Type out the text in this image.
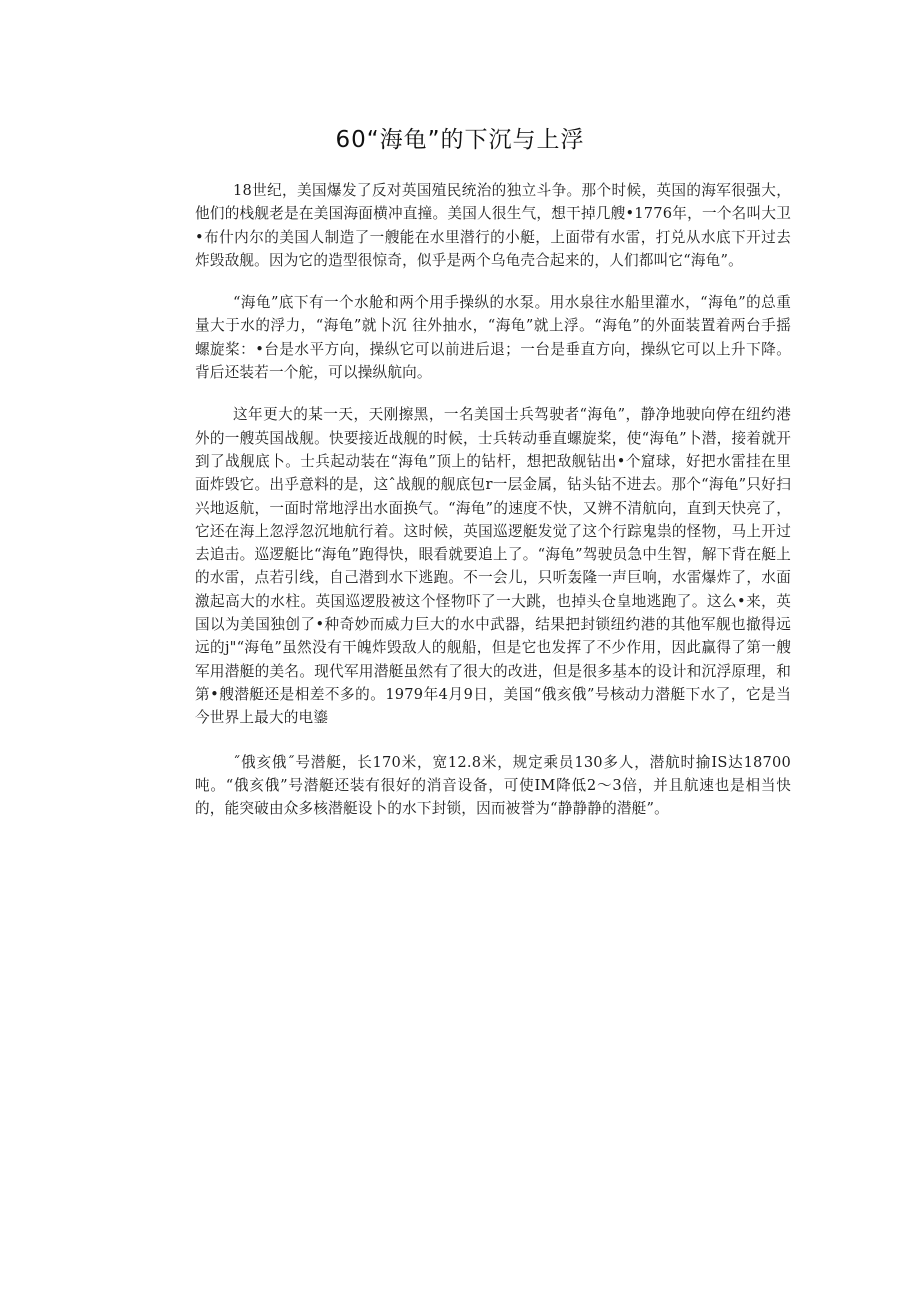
60“海龟”的下沉与上浮

18世纪，美国爆发了反对英国殖民统治的独立斗争。那个时候，英国的海军很强大，他们的栈舰老是在美国海面横冲直撞。美国人很生气，想干掉几艘•1776年，一个名叫大卫•布什内尔的美国人制造了一艘能在水里潜行的小艇，上面带有水雷，打兑从水底下开过去炸毁敌舰。因为它的造型很惊奇，似乎是两个乌龟壳合起来的，人们都叫它“海龟”。

“海龟”底下有一个水舱和两个用手操纵的水泵。用水泉往水船里灌水，“海龟”的总重量大于水的浮力，“海龟”就卜沉 往外抽水，“海龟”就上浮。“海龟”的外面装置着两台手摇螺旋桨：•台是水平方向，操纵它可以前进后退；一台是垂直方向，操纵它可以上升下降。背后还装若一个舵，可以操纵航向。

这年更大的某一天，天刚擦黑，一名美国士兵驾驶者“海龟”，静净地驶向停在纽约港外的一艘英国战舰。快要接近战舰的时候，士兵转动垂直螺旋桨，使“海龟”卜潜，接着就开到了战舰底卜。士兵起动装在“海龟”顶上的钻杆，想把敌舰钻出•个窟球，好把水雷挂在里面炸毁它。出乎意料的是，这ˆ战舰的舰底包r一层金属，钻头钻不进去。那个“海龟”只好扫兴地返航，一面时常地浮出水面换气。“海龟”的速度不快，又辨不清航向，直到天快亮了，它还在海上忽浮忽沉地航行着。这时候，英国巡逻艇发觉了这个行踪鬼祟的怪物，马上开过去追击。巡逻艇比“海龟”跑得快，眼看就要追上了。“海龟”驾驶员急中生智，解下背在艇上的水雷，点若引线，自己潜到水下逃跑。不一会儿，只听轰隆一声巨响，水雷爆炸了，水面激起高大的水柱。英国巡逻股被这个怪物吓了一大跳，也掉头仓皇地逃跑了。这么•来，英国以为美国独创了•种奇妙而威力巨大的水中武器，结果把封锁纽约港的其他军舰也撤得远远的j"“海龟”虽然没有干魄炸毁敌人的舰船，但是它也发挥了不少作用，因此赢得了第一艘军用潜艇的美名。现代军用潜艇虽然有了很大的改进，但是很多基本的设计和沉浮原理，和第•艘潜艇还是相差不多的。1979年4月9日，美国“俄亥俄”号核动力潜艇下水了，它是当今世界上最大的电鎏

˝俄亥俄˝号潜艇，长170米，宽12.8米，规定乘员130多人，潜航时揄IS达18700吨。“俄亥俄”号潜艇还装有很好的消音设备，可使IM降低2～3倍，并且航速也是相当快的，能突破由众多核潜艇设卜的水下封锁，因而被誉为“静静静的潜艇”。
